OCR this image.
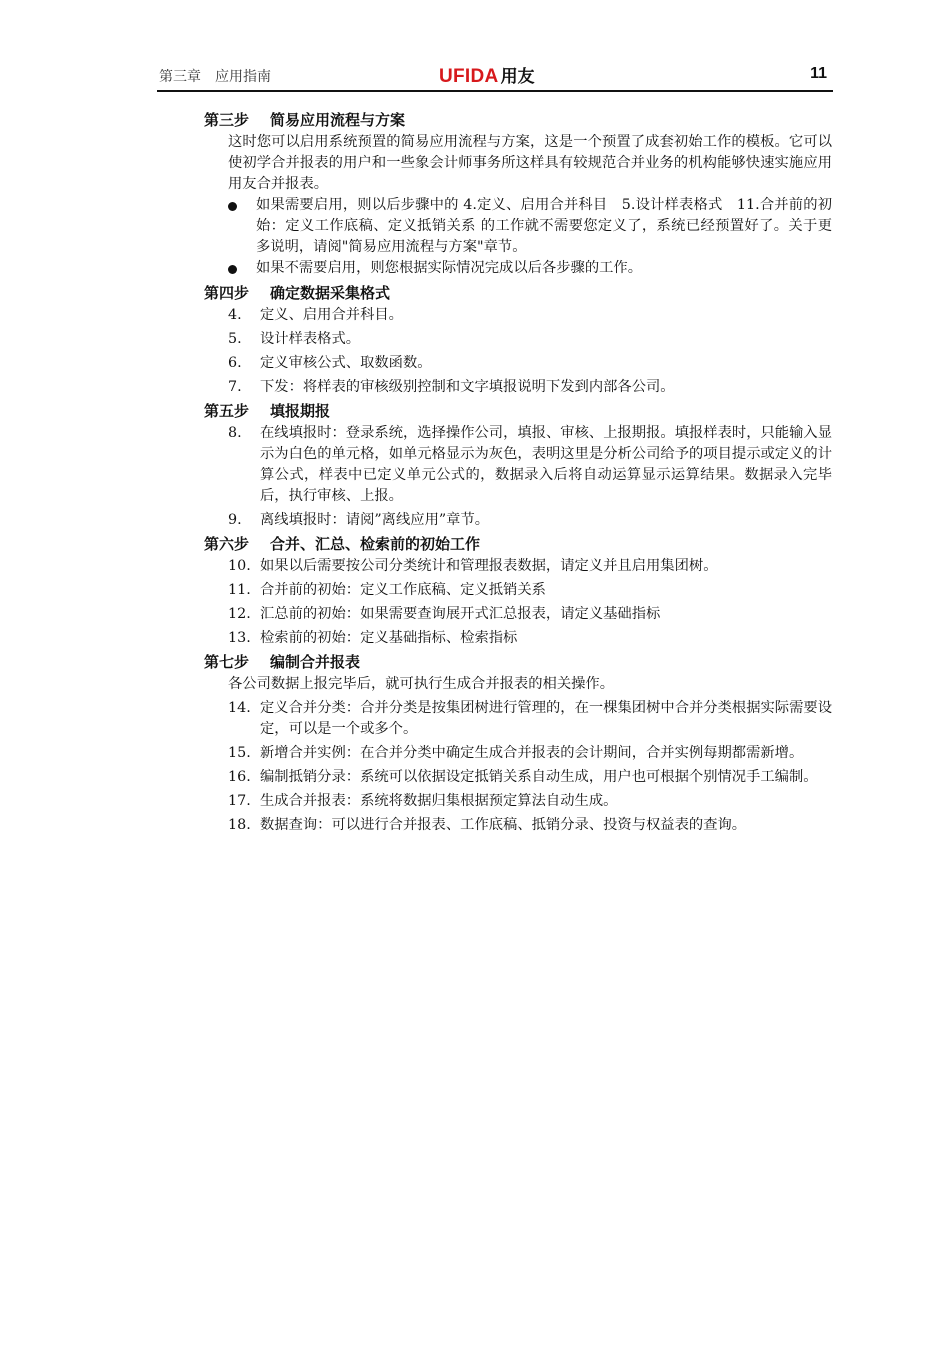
第三章　应用指南	UFIDA 用友	11
第三步 简易应用流程与方案

这时您可以启用系统预置的简易应用流程与方案，这是一个预置了成套初始工作的模板。它可以使初学合并报表的用户和一些象会计师事务所这样具有较规范合并业务的机构能够快速实施应用用友合并报表。

如果需要启用，则以后步骤中的 4.定义、启用合并科目　5.设计样表格式　11.合并前的初始：定义工作底稿、定义抵销关系 的工作就不需要您定义了，系统已经预置好了。关于更多说明，请阅"简易应用流程与方案"章节。
如果不需要启用，则您根据实际情况完成以后各步骤的工作。
第四步 确定数据采集格式
4.	定义、启用合并科目。
5.	设计样表格式。
6.	定义审核公式、取数函数。
7.	下发：将样表的审核级别控制和文字填报说明下发到内部各公司。
第五步 填报期报
8.	在线填报时：登录系统，选择操作公司，填报、审核、上报期报。填报样表时，只能输入显示为白色的单元格，如单元格显示为灰色，表明这里是分析公司给予的项目提示或定义的计算公式，样表中已定义单元公式的，数据录入后将自动运算显示运算结果。数据录入完毕后，执行审核、上报。
9.	离线填报时：请阅”离线应用”章节。
第六步 合并、汇总、检索前的初始工作
10. 如果以后需要按公司分类统计和管理报表数据，请定义并且启用集团树。
11. 合并前的初始：定义工作底稿、定义抵销关系
12. 汇总前的初始：如果需要查询展开式汇总报表，请定义基础指标
13. 检索前的初始：定义基础指标、检索指标
第七步 编制合并报表

各公司数据上报完毕后，就可执行生成合并报表的相关操作。

14. 定义合并分类：合并分类是按集团树进行管理的，在一棵集团树中合并分类根据实际需要设定，可以是一个或多个。
15. 新增合并实例：在合并分类中确定生成合并报表的会计期间，合并实例每期都需新增。
16. 编制抵销分录：系统可以依据设定抵销关系自动生成，用户也可根据个别情况手工编制。
17. 生成合并报表：系统将数据归集根据预定算法自动生成。
18. 数据查询：可以进行合并报表、工作底稿、抵销分录、投资与权益表的查询。
